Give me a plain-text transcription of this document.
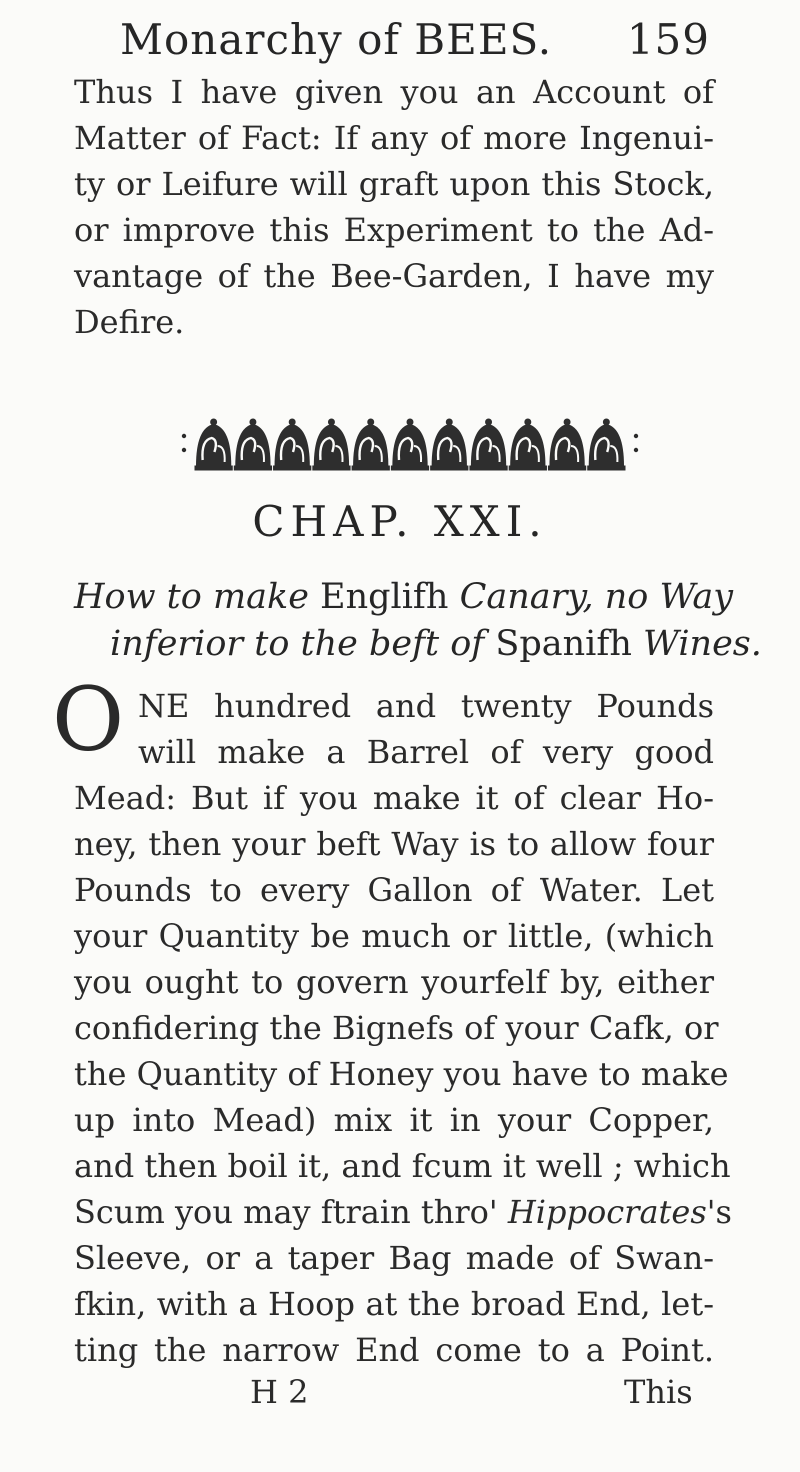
Monarchy of BEES. 159
Thus I have given you an Account of
Matter of Fact: If any of more Ingenui-
ty or Leifure will graft upon this Stock,
or improve this Experiment to the Ad-
vantage of the Bee-Garden, I have my
Defire.
CHAP. XXI.
How to make Englifh Canary, no Way
inferior to the beft of Spanifh Wines.
O NE hundred and twenty Pounds
will make a Barrel of very good
Mead: But if you make it of clear Ho-
ney, then your beft Way is to allow four
Pounds to every Gallon of Water. Let
your Quantity be much or little, (which
you ought to govern yourfelf by, either
confidering the Bignefs of your Cafk, or
the Quantity of Honey you have to make
up into Mead) mix it in your Copper,
and then boil it, and fcum it well ; which
Scum you may ftrain thro' Hippocrates's
Sleeve, or a taper Bag made of Swan-
fkin, with a Hoop at the broad End, let-
ting the narrow End come to a Point.
H 2	This
